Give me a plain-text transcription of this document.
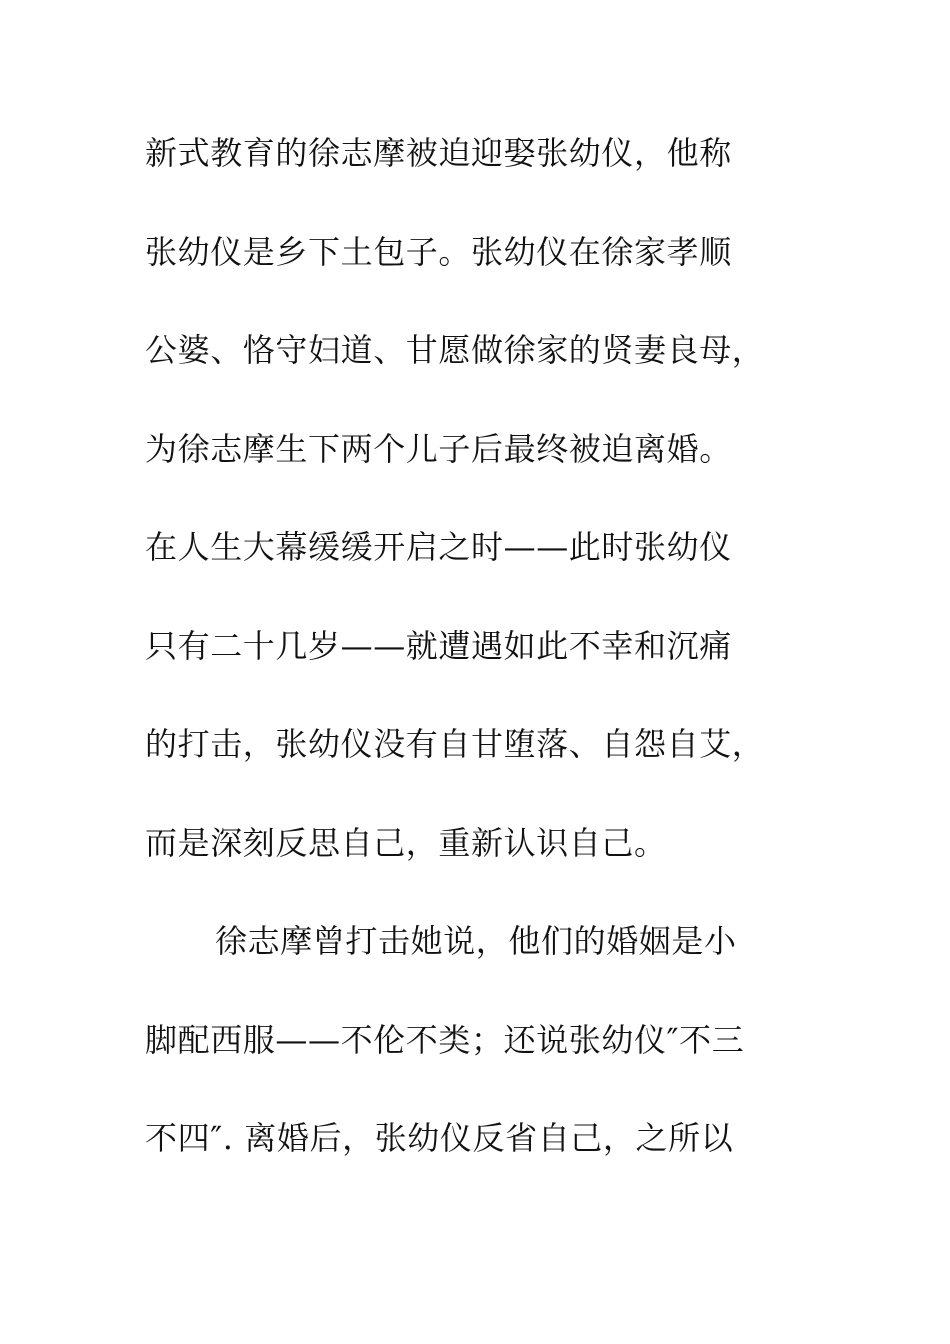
新式教育的徐志摩被迫迎娶张幼仪，他称
张幼仪是乡下土包子。张幼仪在徐家孝顺
公婆、恪守妇道、甘愿做徐家的贤妻良母，
为徐志摩生下两个儿子后最终被迫离婚。
在人生大幕缓缓开启之时——此时张幼仪
只有二十几岁——就遭遇如此不幸和沉痛
的打击，张幼仪没有自甘堕落、自怨自艾，
而是深刻反思自己，重新认识自己。
徐志摩曾打击她说，他们的婚姻是小
脚配西服——不伦不类；还说张幼仪″不三
不四″. 离婚后，张幼仪反省自己，之所以
